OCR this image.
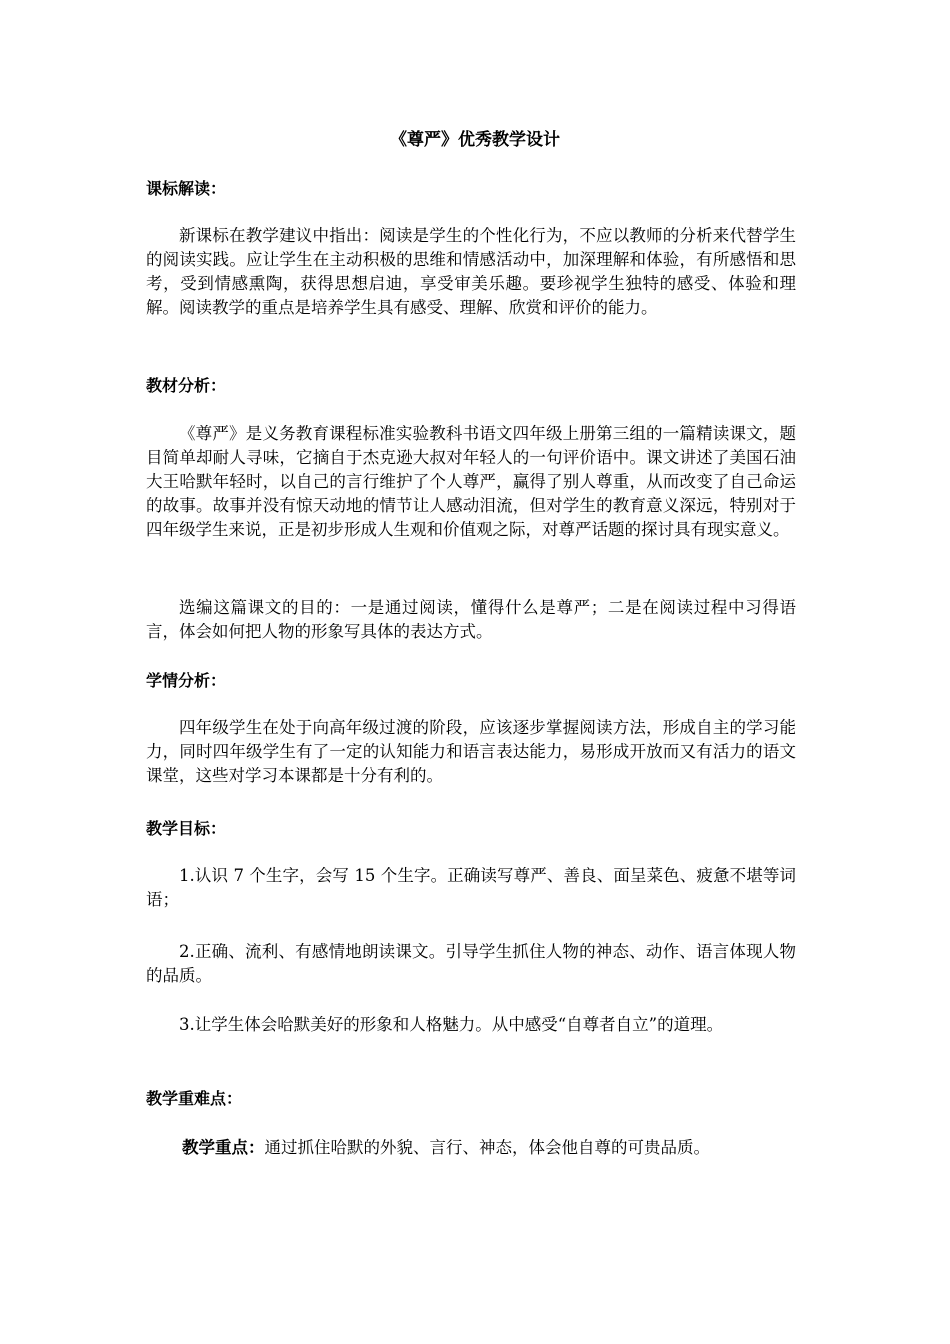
《尊严》优秀教学设计
课标解读：

新课标在教学建议中指出：阅读是学生的个性化行为，不应以教师的分析来代替学生的阅读实践。应让学生在主动积极的思维和情感活动中，加深理解和体验，有所感悟和思考，受到情感熏陶，获得思想启迪，享受审美乐趣。要珍视学生独特的感受、体验和理解。阅读教学的重点是培养学生具有感受、理解、欣赏和评价的能力。

教材分析：

《尊严》是义务教育课程标准实验教科书语文四年级上册第三组的一篇精读课文，题目简单却耐人寻味，它摘自于杰克逊大叔对年轻人的一句评价语中。课文讲述了美国石油大王哈默年轻时，以自己的言行维护了个人尊严，赢得了别人尊重，从而改变了自己命运的故事。故事并没有惊天动地的情节让人感动泪流，但对学生的教育意义深远，特别对于四年级学生来说，正是初步形成人生观和价值观之际，对尊严话题的探讨具有现实意义。

选编这篇课文的目的：一是通过阅读，懂得什么是尊严；二是在阅读过程中习得语言，体会如何把人物的形象写具体的表达方式。

学情分析：

四年级学生在处于向高年级过渡的阶段，应该逐步掌握阅读方法，形成自主的学习能力，同时四年级学生有了一定的认知能力和语言表达能力，易形成开放而又有活力的语文课堂，这些对学习本课都是十分有利的。

教学目标：

1.认识 7 个生字，会写 15 个生字。正确读写尊严、善良、面呈菜色、疲惫不堪等词语；

2.正确、流利、有感情地朗读课文。引导学生抓住人物的神态、动作、语言体现人物的品质。

3.让学生体会哈默美好的形象和人格魅力。从中感受“自尊者自立”的道理。

教学重难点：
教学重点：通过抓住哈默的外貌、言行、神态，体会他自尊的可贵品质。
